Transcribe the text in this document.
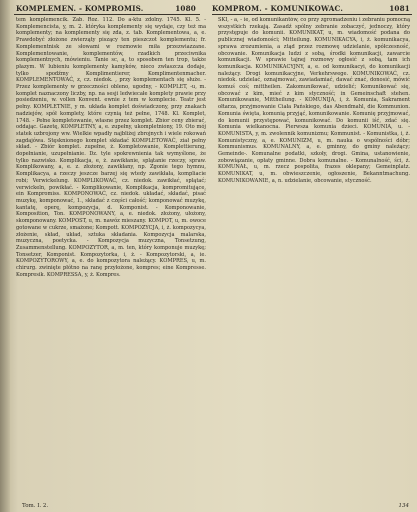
KOMPLEMEN. - KOMPROMIS.	1080 KOMPROM. - KOMUNIKOWAC.	1081

tem komplemencik. Zab. Roz. 112. Do a-ktu zdolny. 1745. Kl. 5. - Komplemencista, y, m. 2. któryka komplementy się wydaje, czy też ma komplementy; na komplementy się zda, z. tab. Komplementowa, a, e. Prawdobyć złożone zwierząty piszący ten pieszczot komplementu; fr. Komplementnisk ze słowami w rozmowie miła przezwiazzane. Komplementowanie, komplementów, rzadkich przeciwnika komplementnych, mówieniu. Tanie sc, a, to sposobem ten trop, także płazym. W lubieniu komplementy kamyków, nieco zwłaszcza dodaje, tylko spodźmy Komplimentierer, Komplimentenmacher. KOMPLEMENTOWAĆ, z, cz. niedok. , przy komplementach się służe. - Przez komplementy w grzeczności obleno, ugodny, - KOMPLET, -u, m. komplet naznaczony liczby, np. na sesji ledwiecałe komplety prawie przy posiedzeniu, w. vollen Konvent. ewnie z tem w komplecie. Teatr jest pełny. KOMPLETNIE, y m. układa komplet doświadczony, przy znakach nadziejów, spół komplety, które czynią też pełne, 1748. Kl. Komplet, 1748. - Pełne kompletowanie, własne przez komplet. Zbior ceny zbierać, oddając. Gazetę, KOMPLETNY, a, e. zupełny, ukompletniony, 19. Oto mój statek uzbrojony ww. Wielkie wpadły najbliżej zbrojnych i wiele rokowań zagdajówa. Stęsknionego komplet składać KOMPLETOWAĆ, ział pełny skład. - Zbiór komplet. zupełne, ż. Kompletowanie, Komplettierung, dopełnianie, uzupełnianie. Dz. tyle spokrewnienia tak wymyślone, że tylko nazwisko. Komplikacja, e, ż. zawikłanie, splątanie rzeczy, spraw. Komplikowany, a, e. z. złożony, zawikłany, np. Zgonie tego hymnu, Komplikacya, a rzeczy jeszcze barzej się wtedy zawikłała, kompliacie robi; Verwickelung. KOMPLIKOWAĆ, cz. niedok. zawikłać, splątać; verwickeln, powikłać. - Komplikowanie, Komplikacja, kompromitujące, ein Kompromiss. KOMPONOWAĆ, cz. niedok. układać, składać, pisać muzykę, komponować, 1., składać z części całość; komponować muzykę, kantatę, operę, kompozycja, d. Komponist. - Komponowanie, Komposition, Ton. KOMPONOWANY, a, e. niedok. złożony, ułożony, skomponowany. KOMPOST, u, m. nawóz mieszany. KOMPOT, u, m. owoce gotowane w cukrze, smażone; Kompott. KOMPOZYCJA, i, ż. kompozycya, złożenie, skład, układ, sztuka składania. Kompozycja malarska, muzyczna, poetycka. - Kompozycja muzyczna, Tonsetzung, Zusammenstellung. KOMPOZYTOR, a, m. ten, który komponuje muzykę; Tonsetzer, Komponist. Kompozytorka, i, ż. - Kompozytorski, a, ie. KOMPOZYTOROWY, a, e. do kompozytora należący. KOMPRES, u, m. chirurg. zwinięte płótno na ranę przyłożone, kompres; eine Kompresse. Kompresik. KOMPRESSA, y, ż. Kompres.

SKI, - a, - ie, od komunikantów, co przy zgromadzeniu i zebraniu pomocną wszystkich rzekają. Zasadź spólny zebranie zobaczyć, jednoczy, który przystępuje do komunii. KOMUNIKAT, u, m. wiadomość podana do publicznej wiadomości; Mitteilung. KOMUNIKACYA, i, ż. komunikacya, sprawa zrozumienia, a ztąd przez rozmowę udzielanie, spółczesność, obcowanie. Komunikacja ludzi z sobą, środki komunikacji, zawarcie komunikacji. W sprawie tajnej rozmowy ogłosić z sobą, tam ich komunikacja. KOMUNIKACYJNY, a, e. od komunikacyi, do komunikacji należący. Drogi komunikacyjne, Verkehrswege. KOMUNIKOWAĆ, cz. niedok. udzielać, oznajmować, zawiadamiać, dawać znać, donosić, mówić komuś coś; mittheilen. Zakomunikować, udzielić; Komunikować się, obcować z kim, mieć z kim styczność; in Gemeinschaft stehen. Komunikowanie, Mittheilung. - KOMUNIJA, i, ż. Komunia, Sakrament ołtarza, przyjmowanie Ciała Pańskiego, das Abendmahl, die Kommunion. Komunia święta, komunią przyjąć, komunikowanie. Komunię przyjmować, do komunii przystępować, komunikować. Do komunii iść, zdać się. Komunia wielkanocna. Pierwsza komunia dzieci. KOMUNIA, u. - KOMUNISTA, y, m. zwolennik komunizmu; Kommunist. - Komunistka, i, ż. Komunistyczny, a, e. KOMUNIZM, u, m. nauka o wspólności dóbr; Kommunismus. KOMUNALNY, a, e. gminny, do gminy należący; Gemeinde-. Komunalne podatki, szkoły, drogi. Gmina, ustanowienie, zobowiązanie, opłaty gminne. Dobra komunalne. - Komunalność, ści, ż. KOMUNAŁ, u, m. rzecz pospolita, frazes oklepany; Gemeinplatz. KOMUNIKAT, u, m. obwieszczenie, ogłoszenie, Bekanntmachung. KOMUNIKOWANIE, a, n. udzielanie, obcowanie, styczność.

Tom. I. 2.	134
